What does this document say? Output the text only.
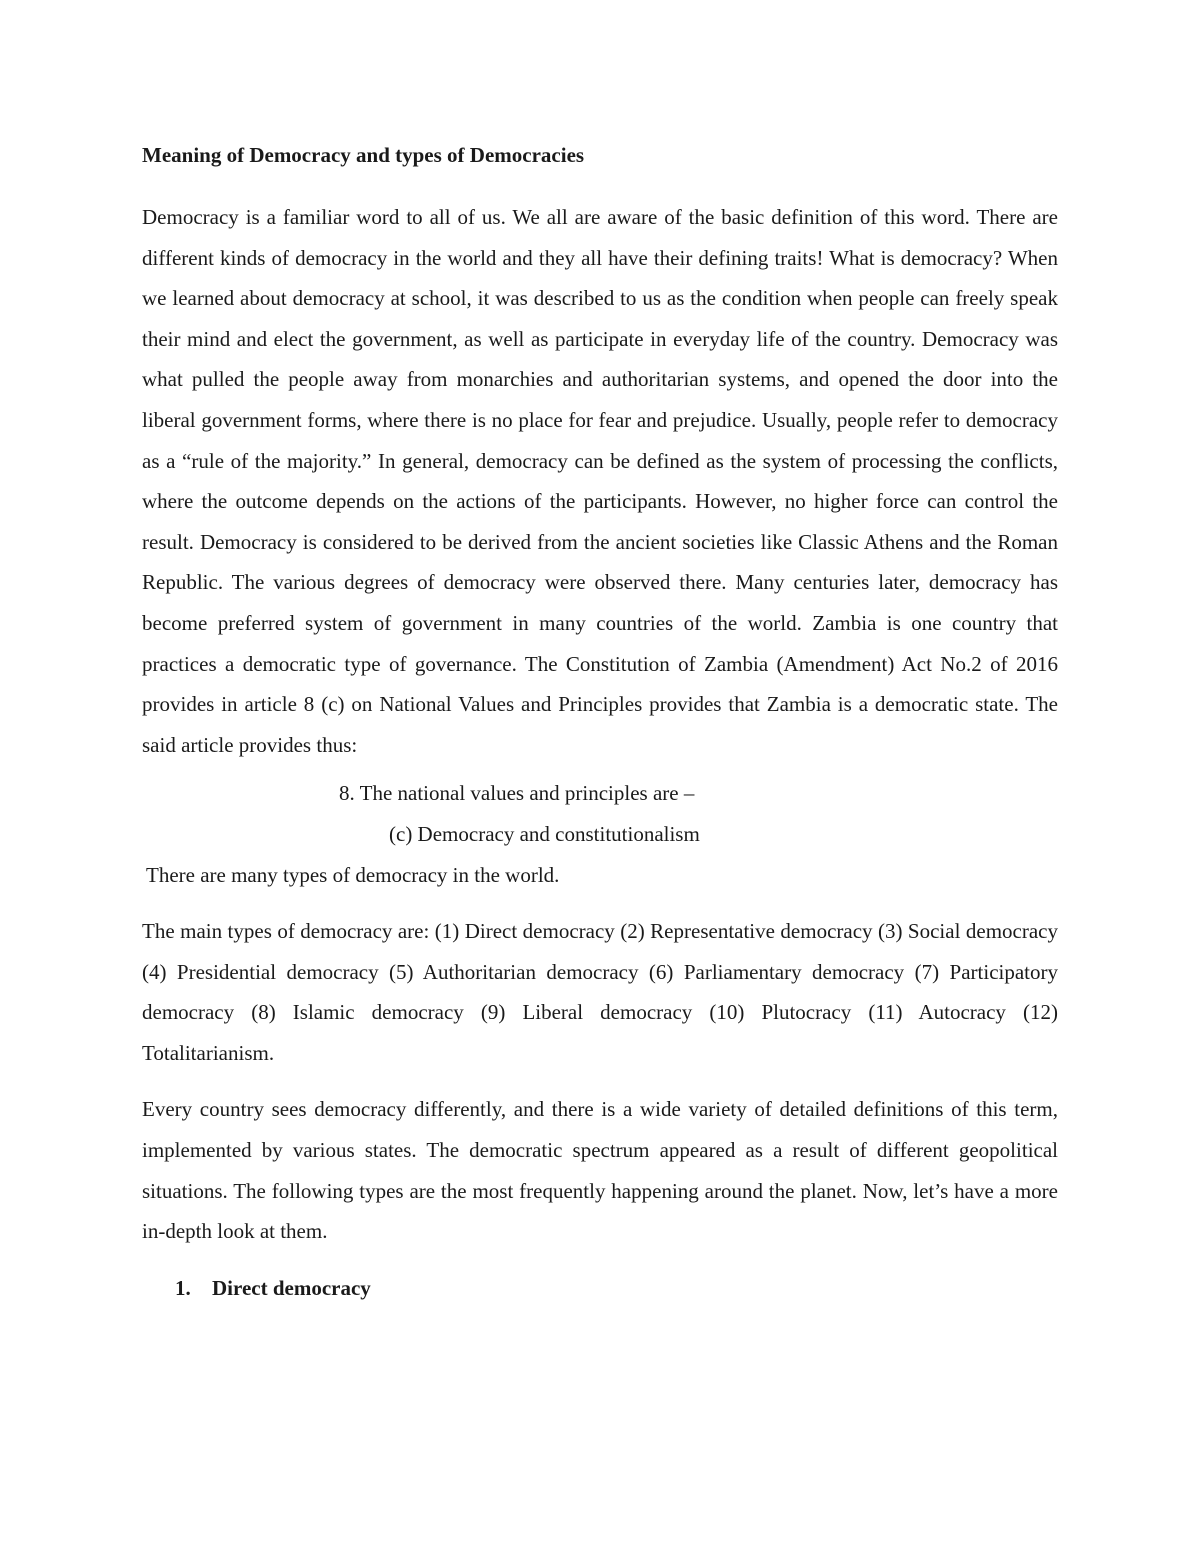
Meaning of Democracy and types of Democracies

Democracy is a familiar word to all of us. We all are aware of the basic definition of this word. There are different kinds of democracy in the world and they all have their defining traits! What is democracy? When we learned about democracy at school, it was described to us as the condition when people can freely speak their mind and elect the government, as well as participate in everyday life of the country. Democracy was what pulled the people away from monarchies and authoritarian systems, and opened the door into the liberal government forms, where there is no place for fear and prejudice. Usually, people refer to democracy as a “rule of the majority.” In general, democracy can be defined as the system of processing the conflicts, where the outcome depends on the actions of the participants. However, no higher force can control the result. Democracy is considered to be derived from the ancient societies like Classic Athens and the Roman Republic. The various degrees of democracy were observed there. Many centuries later, democracy has become preferred system of government in many countries of the world. Zambia is one country that practices a democratic type of governance. The Constitution of Zambia (Amendment) Act No.2 of 2016 provides in article 8 (c) on National Values and Principles provides that Zambia is a democratic state. The said article provides thus:

8. The national values and principles are –

(c) Democracy and constitutionalism

There are many types of democracy in the world.

The main types of democracy are: (1) Direct democracy (2) Representative democracy (3) Social democracy (4) Presidential democracy (5) Authoritarian democracy (6) Parliamentary democracy (7) Participatory democracy (8) Islamic democracy (9) Liberal democracy (10) Plutocracy (11) Autocracy (12) Totalitarianism.

Every country sees democracy differently, and there is a wide variety of detailed definitions of this term, implemented by various states. The democratic spectrum appeared as a result of different geopolitical situations. The following types are the most frequently happening around the planet. Now, let’s have a more in-depth look at them.

1.	Direct democracy
